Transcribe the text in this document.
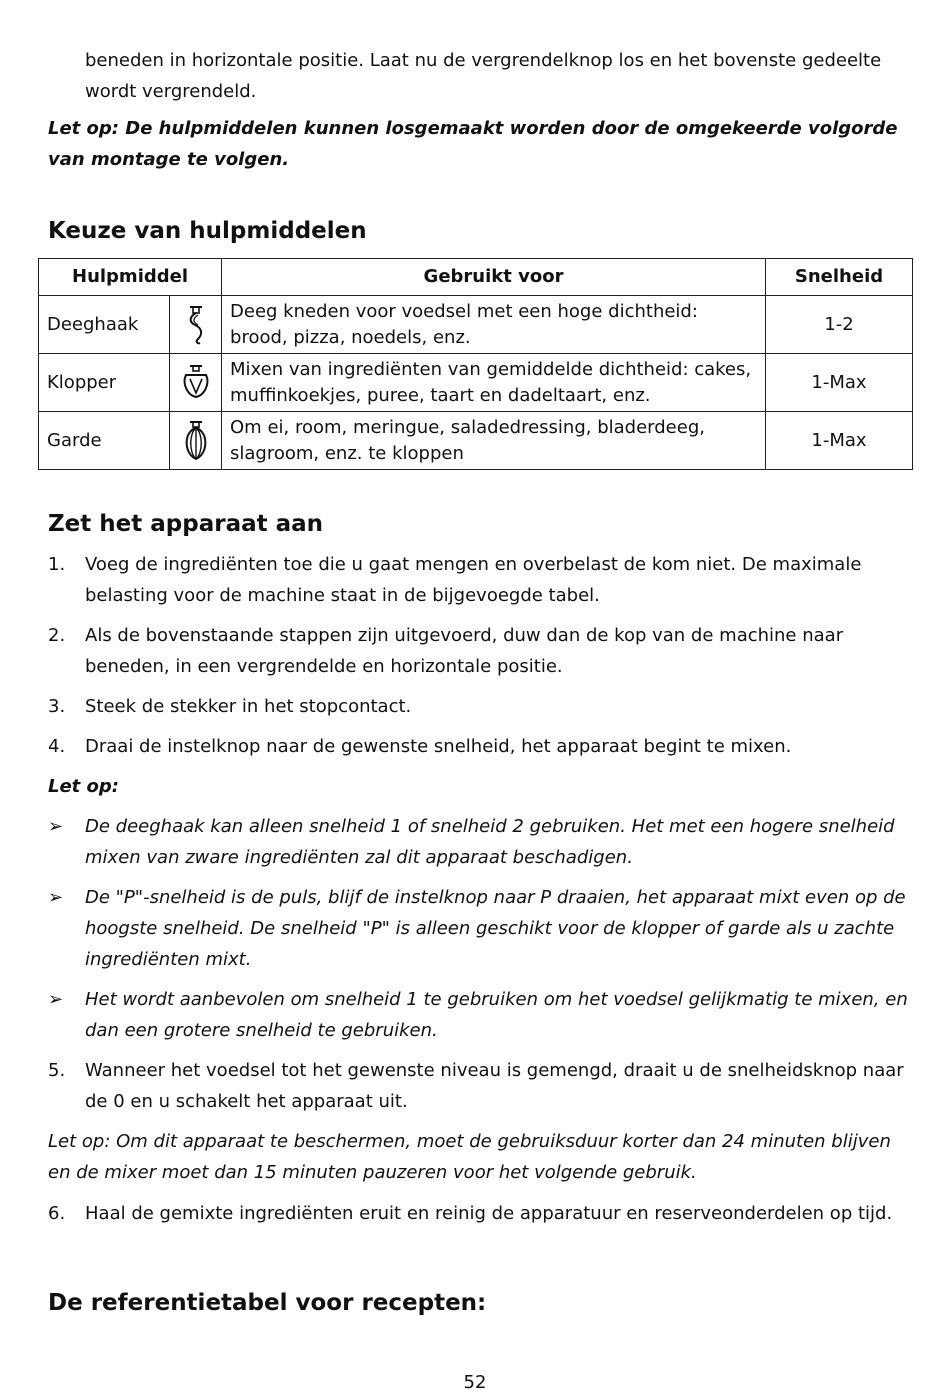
beneden in horizontale positie. Laat nu de vergrendelknop los en het bovenste gedeelte wordt vergrendeld.

Let op: De hulpmiddelen kunnen losgemaakt worden door de omgekeerde volgorde van montage te volgen.

Keuze van hulpmiddelen
Hulpmiddel		Gebruikt voor	Snelheid
Deeghaak		Deeg kneden voor voedsel met een hoge dichtheid: brood, pizza, noedels, enz.	1-2
Klopper		Mixen van ingrediënten van gemiddelde dichtheid: cakes, muffinkoekjes, puree, taart en dadeltaart, enz.	1-Max
Garde		Om ei, room, meringue, saladedressing, bladerdeeg, slagroom, enz. te kloppen	1-Max
Zet het apparaat aan
1.	Voeg de ingrediënten toe die u gaat mengen en overbelast de kom niet. De maximale belasting voor de machine staat in de bijgevoegde tabel.

2.	Als de bovenstaande stappen zijn uitgevoerd, duw dan de kop van de machine naar beneden, in een vergrendelde en horizontale positie.

3.	Steek de stekker in het stopcontact.

4.	Draai de instelknop naar de gewenste snelheid, het apparaat begint te mixen.

Let op:

➢	De deeghaak kan alleen snelheid 1 of snelheid 2 gebruiken. Het met een hogere snelheid mixen van zware ingrediënten zal dit apparaat beschadigen.

➢	De "P"-snelheid is de puls, blijf de instelknop naar P draaien, het apparaat mixt even op de hoogste snelheid. De snelheid "P" is alleen geschikt voor de klopper of garde als u zachte ingrediënten mixt.

➢	Het wordt aanbevolen om snelheid 1 te gebruiken om het voedsel gelijkmatig te mixen, en dan een grotere snelheid te gebruiken.

5.	Wanneer het voedsel tot het gewenste niveau is gemengd, draait u de snelheidsknop naar de 0 en u schakelt het apparaat uit.

Let op: Om dit apparaat te beschermen, moet de gebruiksduur korter dan 24 minuten blijven en de mixer moet dan 15 minuten pauzeren voor het volgende gebruik.

6.	Haal de gemixte ingrediënten eruit en reinig de apparatuur en reserveonderdelen op tijd.

De referentietabel voor recepten:
52
